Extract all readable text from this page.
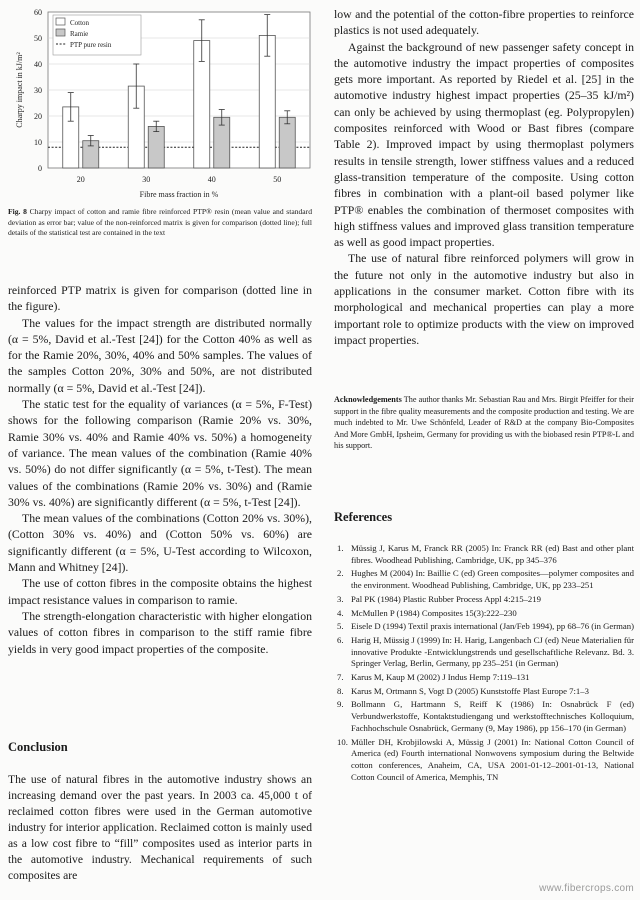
0
10
20
30
40
50
60
20	30	40	50
Fibre mass fraction in %
Charpy impact in kJ/m²
Cotton
Ramie
PTP pure resin
Fig. 8 Charpy impact of cotton and ramie fibre reinforced PTP® resin (mean value and standard deviation as error bar; value of the non-reinforced matrix is given for comparison (dotted line); full details of the statistical test are contained in the text

reinforced PTP matrix is given for comparison (dotted line in the figure).

The values for the impact strength are distributed normally (α = 5%, David et al.-Test [24]) for the Cotton 40% as well as for the Ramie 20%, 30%, 40% and 50% samples. The values of the samples Cotton 20%, 30% and 50%, are not distributed normally (α = 5%, David et al.-Test [24]).

The static test for the equality of variances (α = 5%, F-Test) shows for the following comparison (Ramie 20% vs. 30%, Ramie 30% vs. 40% and Ramie 40% vs. 50%) a homogeneity of variance. The mean values of the combination (Ramie 40% vs. 50%) do not differ significantly (α = 5%, t-Test). The mean values of the combinations (Ramie 20% vs. 30%) and (Ramie 30% vs. 40%) are significantly different (α = 5%, t-Test [24]).

The mean values of the combinations (Cotton 20% vs. 30%), (Cotton 30% vs. 40%) and (Cotton 50% vs. 60%) are significantly different (α = 5%, U-Test according to Wilcoxon, Mann and Whitney [24]).

The use of cotton fibres in the composite obtains the highest impact resistance values in comparison to ramie.

The strength-elongation characteristic with higher elongation values of cotton fibres in comparison to the stiff ramie fibre yields in very good impact properties of the composite.

Conclusion

The use of natural fibres in the automotive industry shows an increasing demand over the past years. In 2003 ca. 45,000 t of reclaimed cotton fibres were used in the German automotive industry for interior application. Reclaimed cotton is mainly used as a low cost fibre to “fill” composites used as interior parts in the automotive industry. Mechanical requirements of such composites are

low and the potential of the cotton-fibre properties to reinforce plastics is not used adequately.

Against the background of new passenger safety concept in the automotive industry the impact properties of composites gets more important. As reported by Riedel et al. [25] in the automotive industry highest impact properties (25–35 kJ/m²) can only be achieved by using thermoplast (eg. Polypropylen) composites reinforced with Wood or Bast fibres (compare Table 2). Improved impact by using thermoplast polymers results in tensile strength, lower stiffness values and a reduced glass-transition temperature of the composite. Using cotton fibres in combination with a plant-oil based polymer like PTP® enables the combination of thermoset composites with high stiffness values and improved glass transition temperature as well as good impact properties.

The use of natural fibre reinforced polymers will grow in the future not only in the automotive industry but also in applications in the consumer market. Cotton fibre with its morphological and mechanical properties can play a more important role to optimize products with the view on improved impact properties.

Acknowledgements The author thanks Mr. Sebastian Rau and Mrs. Birgit Pfeiffer for their support in the fibre quality measurements and the composite production and testing. We are much indebted to Mr. Uwe Schönfeld, Leader of R&D at the company Bio-Composites And More GmbH, Ipsheim, Germany for providing us with the biobased resin PTP®-L and his support.
References
1. Müssig J, Karus M, Franck RR (2005) In: Franck RR (ed) Bast and other plant fibres. Woodhead Publishing, Cambridge, UK, pp 345–376
2. Hughes M (2004) In: Baillie C (ed) Green composites—polymer composites and the environment. Woodhead Publishing, Cambridge, UK, pp 233–251
3. Pal PK (1984) Plastic Rubber Process Appl 4:215–219
4. McMullen P (1984) Composites 15(3):222–230
5. Eisele D (1994) Textil praxis international (Jan/Feb 1994), pp 68–76 (in German)
6. Harig H, Müssig J (1999) In: H. Harig, Langenbach CJ (ed) Neue Materialien für innovative Produkte -Entwicklungstrends und gesellschaftliche Relevanz. Bd. 3. Springer Verlag, Berlin, Germany, pp 235–251 (in German)
7. Karus M, Kaup M (2002) J Indus Hemp 7:119–131
8. Karus M, Ortmann S, Vogt D (2005) Kunststoffe Plast Europe 7:1–3
9. Bollmann G, Hartmann S, Reiff K (1986) In: Osnabrück F (ed) Verbundwerkstoffe, Kontaktstudiengang und werkstofftechnisches Kolloquium, Fachhochschule Osnabrück, Germany (9, May 1986), pp 156–170 (in German)
10. Müller DH, Krobjilowski A, Müssig J (2001) In: National Cotton Council of America (ed) Fourth international Nonwovens symposium during the Beltwide cotton conferences, Anaheim, CA, USA 2001-01-12–2001-01-13, National Cotton Council of America, Memphis, TN
www.fibercrops.com
